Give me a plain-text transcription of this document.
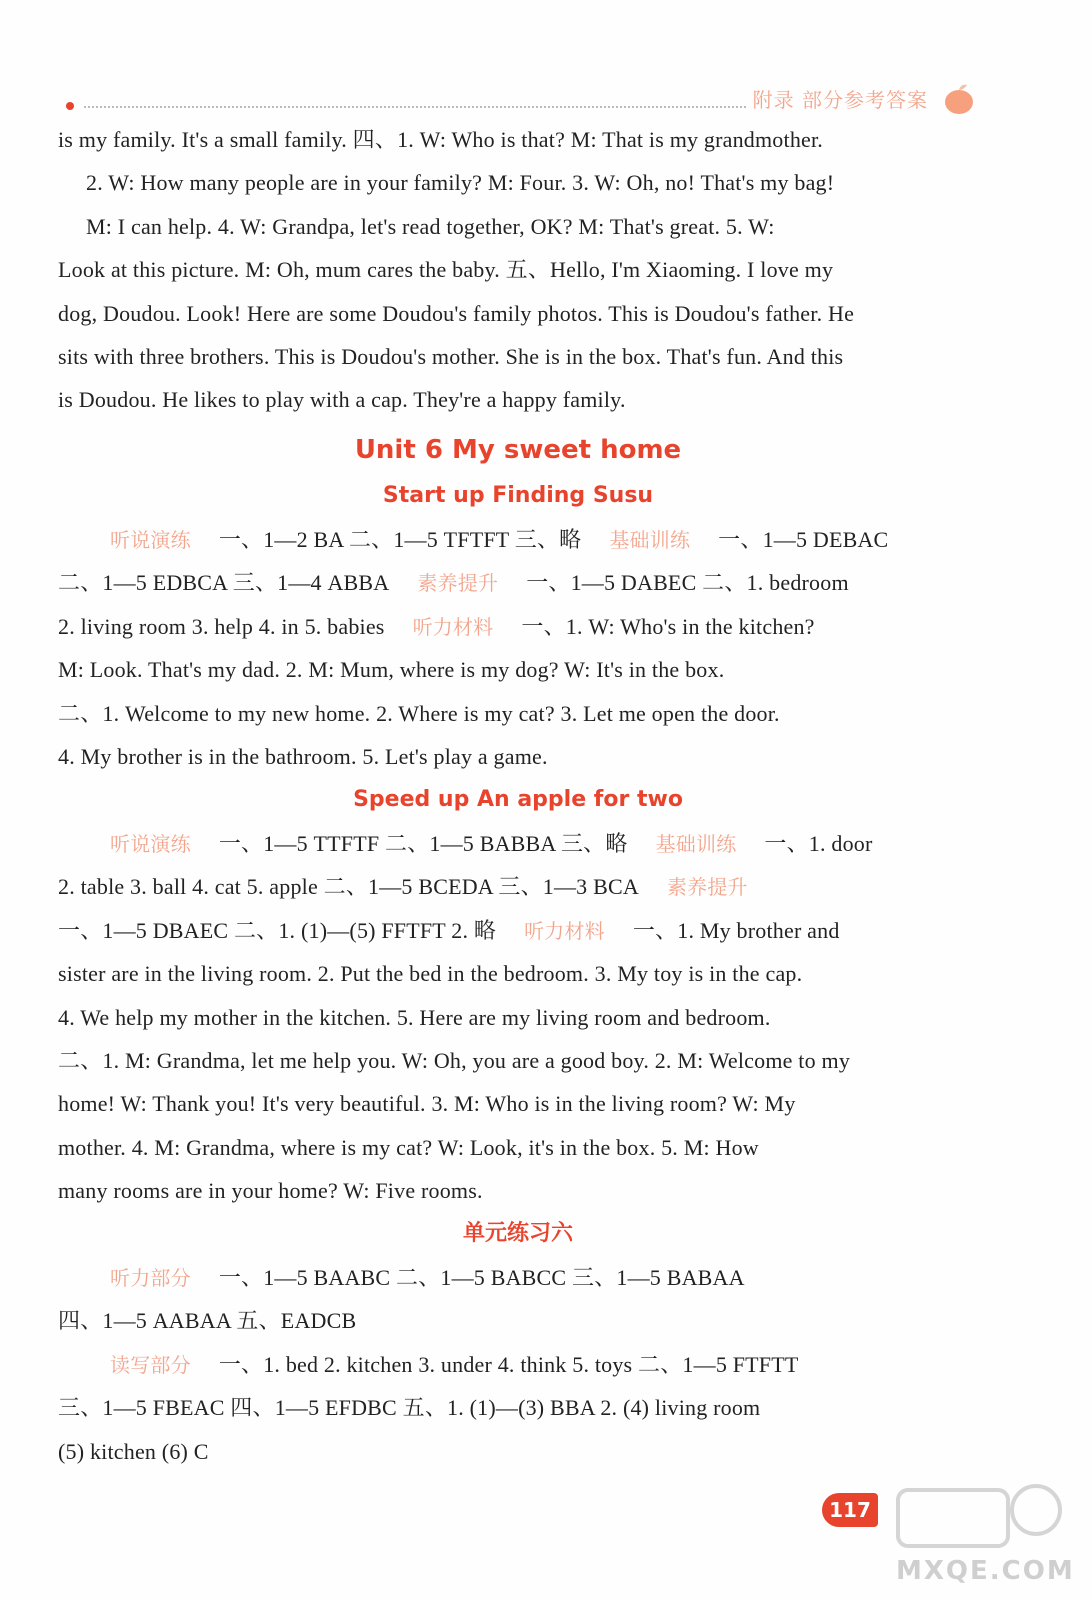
附录 部分参考答案
is my family. It's a small family. 四、1. W: Who is that? M: That is my grandmother.
2. W: How many people are in your family? M: Four. 3. W: Oh, no! That's my bag!
M: I can help. 4. W: Grandpa, let's read together, OK? M: That's great. 5. W:
Look at this picture. M: Oh, mum cares the baby. 五、Hello, I'm Xiaoming. I love my
dog, Doudou. Look! Here are some Doudou's family photos. This is Doudou's father. He
sits with three brothers. This is Doudou's mother. She is in the box. That's fun. And this
is Doudou. He likes to play with a cap. They're a happy family.
Unit 6 My sweet home
Start up Finding Susu
听说演练 一、1—2 BA 二、1—5 TFTFT 三、略 基础训练 一、1—5 DEBAC
二、1—5 EDBCA 三、1—4 ABBA 素养提升 一、1—5 DABEC 二、1. bedroom
2. living room 3. help 4. in 5. babies 听力材料 一、1. W: Who's in the kitchen?
M: Look. That's my dad. 2. M: Mum, where is my dog? W: It's in the box.
二、1. Welcome to my new home. 2. Where is my cat? 3. Let me open the door.
4. My brother is in the bathroom. 5. Let's play a game.
Speed up An apple for two
听说演练 一、1—5 TTFTF 二、1—5 BABBA 三、略 基础训练 一、1. door
2. table 3. ball 4. cat 5. apple 二、1—5 BCEDA 三、1—3 BCA 素养提升
一、1—5 DBAEC 二、1. (1)—(5) FFTFT 2. 略 听力材料 一、1. My brother and
sister are in the living room. 2. Put the bed in the bedroom. 3. My toy is in the cap.
4. We help my mother in the kitchen. 5. Here are my living room and bedroom.
二、1. M: Grandma, let me help you. W: Oh, you are a good boy. 2. M: Welcome to my
home! W: Thank you! It's very beautiful. 3. M: Who is in the living room? W: My
mother. 4. M: Grandma, where is my cat? W: Look, it's in the box. 5. M: How
many rooms are in your home? W: Five rooms.
单元练习六
听力部分 一、1—5 BAABC 二、1—5 BABCC 三、1—5 BABAA
四、1—5 AABAA 五、EADCB
读写部分 一、1. bed 2. kitchen 3. under 4. think 5. toys 二、1—5 FTFTT
三、1—5 FBEAC 四、1—5 EFDBC 五、1. (1)—(3) BBA 2. (4) living room
(5) kitchen (6) C
117
MXQE.COM
